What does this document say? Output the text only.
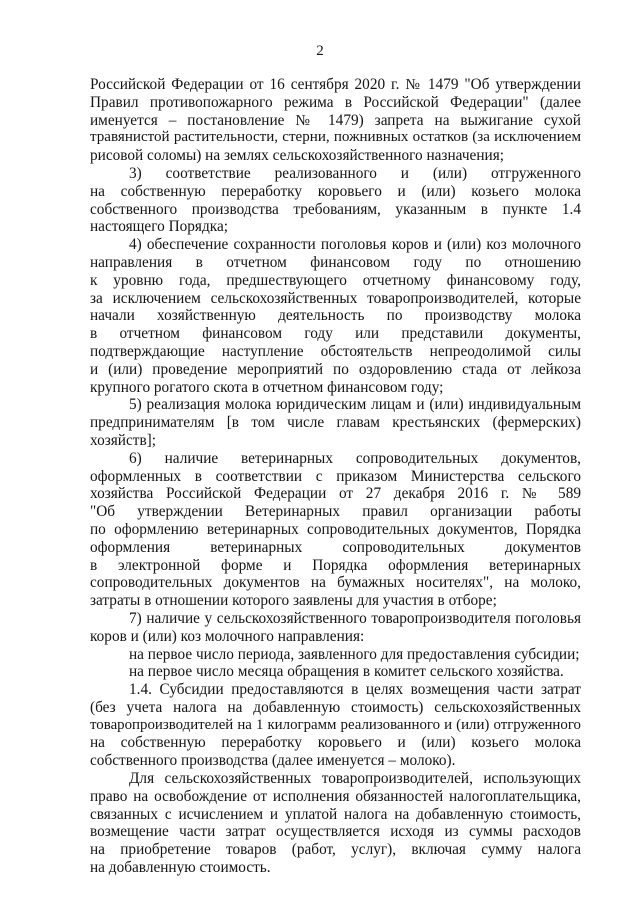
2
Российской Федерации от 16 сентября 2020 г. № 1479 "Об утверждении
Правил противопожарного режима в Российской Федерации" (далее
именуется – постановление № 1479) запрета на выжигание сухой
травянистой растительности, стерни, пожнивных остатков (за исключением
рисовой соломы) на землях сельскохозяйственного назначения;
3) соответствие реализованного и (или) отгруженного
на собственную переработку коровьего и (или) козьего молока
собственного производства требованиям, указанным в пункте 1.4
настоящего Порядка;
4) обеспечение сохранности поголовья коров и (или) коз молочного
направления в отчетном финансовом году по отношению
к уровню года, предшествующего отчетному финансовому году,
за исключением сельскохозяйственных товаропроизводителей, которые
начали хозяйственную деятельность по производству молока
в отчетном финансовом году или представили документы,
подтверждающие наступление обстоятельств непреодолимой силы
и (или) проведение мероприятий по оздоровлению стада от лейкоза
крупного рогатого скота в отчетном финансовом году;
5) реализация молока юридическим лицам и (или) индивидуальным
предпринимателям [в том числе главам крестьянских (фермерских)
хозяйств];
6) наличие ветеринарных сопроводительных документов,
оформленных в соответствии с приказом Министерства сельского
хозяйства Российской Федерации от 27 декабря 2016 г. № 589
"Об утверждении Ветеринарных правил организации работы
по оформлению ветеринарных сопроводительных документов, Порядка
оформления ветеринарных сопроводительных документов
в электронной форме и Порядка оформления ветеринарных
сопроводительных документов на бумажных носителях", на молоко,
затраты в отношении которого заявлены для участия в отборе;
7) наличие у сельскохозяйственного товаропроизводителя поголовья
коров и (или) коз молочного направления:
на первое число периода, заявленного для предоставления субсидии;
на первое число месяца обращения в комитет сельского хозяйства.
1.4. Субсидии предоставляются в целях возмещения части затрат
(без учета налога на добавленную стоимость) сельскохозяйственных
товаропроизводителей на 1 килограмм реализованного и (или) отгруженного
на собственную переработку коровьего и (или) козьего молока
собственного производства (далее именуется – молоко).
Для сельскохозяйственных товаропроизводителей, использующих
право на освобождение от исполнения обязанностей налогоплательщика,
связанных с исчислением и уплатой налога на добавленную стоимость,
возмещение части затрат осуществляется исходя из суммы расходов
на приобретение товаров (работ, услуг), включая сумму налога
на добавленную стоимость.
